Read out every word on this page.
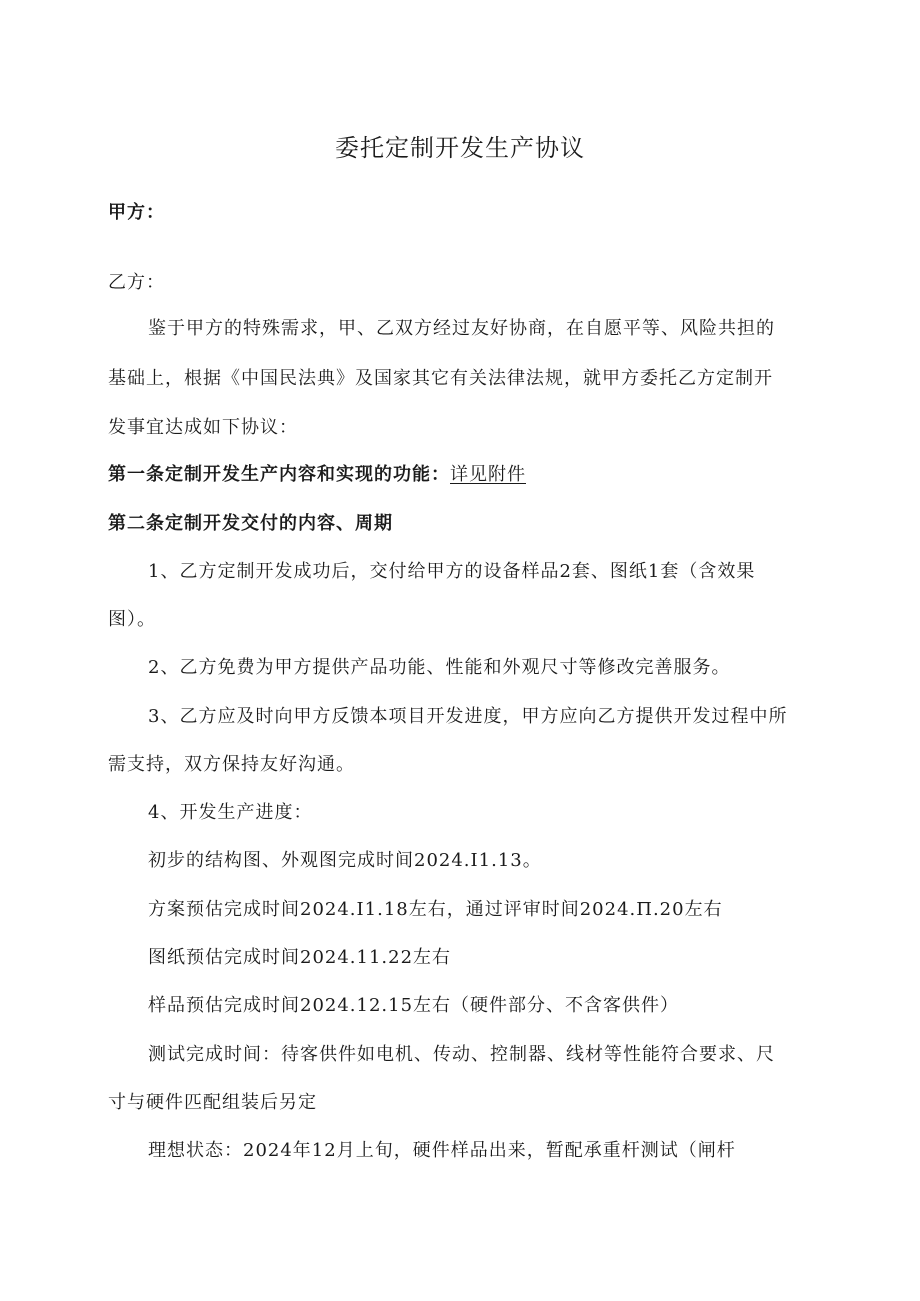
委托定制开发生产协议
甲方：
乙方：
鉴于甲方的特殊需求，甲、乙双方经过友好协商，在自愿平等、风险共担的
基础上，根据《中国民法典》及国家其它有关法律法规，就甲方委托乙方定制开
发事宜达成如下协议：
第一条定制开发生产内容和实现的功能：详见附件
第二条定制开发交付的内容、周期
1、乙方定制开发成功后，交付给甲方的设备样品2套、图纸1套（含效果
图）。
2、乙方免费为甲方提供产品功能、性能和外观尺寸等修改完善服务。
3、乙方应及时向甲方反馈本项目开发进度，甲方应向乙方提供开发过程中所
需支持，双方保持友好沟通。
4、开发生产进度：
初步的结构图、外观图完成时间2024.I1.13。
方案预估完成时间2024.I1.18左右，通过评审时间2024.Π.20左右
图纸预估完成时间2024.11.22左右
样品预估完成时间2024.12.15左右（硬件部分、不含客供件）
测试完成时间：待客供件如电机、传动、控制器、线材等性能符合要求、尺
寸与硬件匹配组装后另定
理想状态：2024年12月上旬，硬件样品出来，暂配承重杆测试（闸杆
